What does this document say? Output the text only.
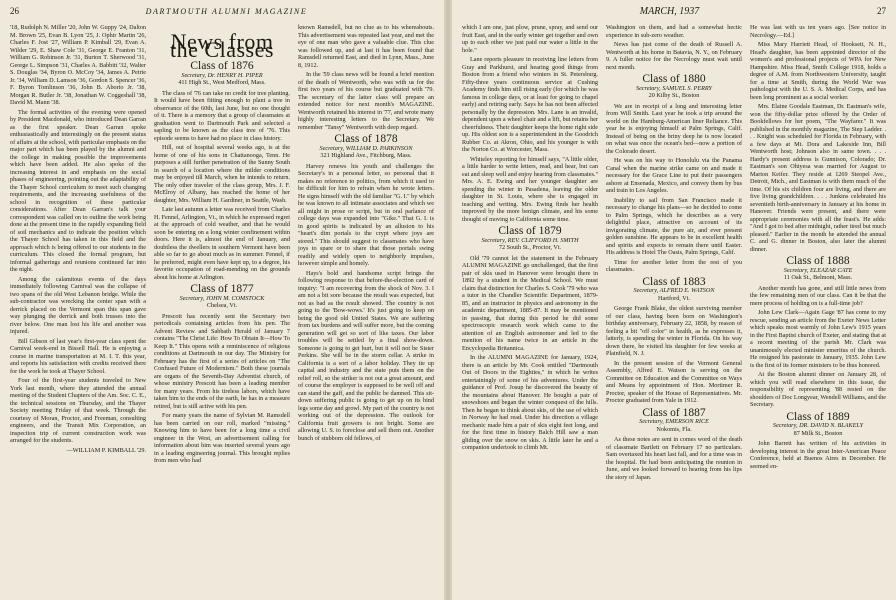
26	DARTMOUTH ALUMNI MAGAZINE

'18, Rudolph N. Miller '20, John W. Guppy '24, Dalton M. Brown '25, Evan B. Lyon '25, J. Ophir Martin '26, Charles F. Jost '27, William P. Kimball '29, Evan A. Wilder '29, E. Shaw Cole '31, George E. Franton '31, William G. Robinson Jr. '31, Burton T. Sherwood '31, George L. Simpson '31, Charles A. Babbitt '32, Walter S. Douglas '34, Byron O. McCoy '34, James A. Petrie Jr. '34, William D. Lamson '36, Gordon S. Spencer '36, F. Byron Tomlinson '36, John B. Aborio Jr. '38, Morgan R. Butler Jr. '38, Jonathan W. Coggeshall '38, David M. Mann '38.

The formal activities of the evening were opened by President Macdonald, who introduced Dean Garran as the first speaker. Dean Garran spoke enthusiastically and interestingly on the present status of affairs at the school, with particular emphasis on the major part which has been played by the alumni and the college in making possible the improvements which have been added. He also spoke of the increasing interest in and emphasis on the social phases of engineering, pointing out the adaptability of the Thayer School curriculum to meet such changing requirements, and the increasing usefulness of the school in recognition of these particular considerations. After Dean Garran's talk your correspondent was called on to outline the work being done at the present time in the rapidly expanding field of soil mechanics and to indicate the position which the Thayer School has taken in this field and the approach which is being offered to our students in the curriculum. This closed the formal program, but informal gatherings and reunions continued far into the night.

Among the calamitous events of the days immediately following Carnival was the collapse of two spans of the old West Lebanon bridge. While the sub-contractor was wrecking the center span with a derrick placed on the Vermont span this span gave way plunging the derrick and both trusses into the river below. One man lost his life and another was injured.

Bill Gibson of last year's first-year class spent the Carnival week-end in Bissell Hall. He is enjoying a course in marine transportation at M. I. T. this year, and reports his satisfaction with credits received there for the work he took at Thayer School.

Four of the first-year students traveled to New York last month, where they attended the annual meeting of the Student Chapters of the Am. Soc. C. E., the technical sessions on Thursday, and the Thayer Society meeting Friday of that week. Through the courtesy of Moran, Proctor, and Freeman, consulting engineers, and the Transit Mix Corporation, an inspection trip of current construction work was arranged for the students.

—WILLIAM P. KIMBALL '29.
News from the Classes
Class of 1876
Secretary, Dr. HENRY H. PIPER
411 High St., West Medford, Mass.

The class of '76 can take no credit for tree planting. It would have been fitting enough to plant a tree in observance of the 60th, last June, but no one thought of it. There is a memory that a group of classmates at graduation went to Dartmouth Park and selected a sapling to be known as the class tree of '76. This episode seems to have had no place in class history.

Hill, out of hospital several weeks ago, is at the home of one of his sons in Chattanooga, Tenn. He purposes a still further penetration of the Sunny South in search of a location where the milder conditions may be enjoyed till March, when he intends to return. The only other traveler of the class group, Mrs. J. F. McElroy of Albany, has reached the home of her daughter, Mrs. William H. Gardiner, in Seattle, Wash.

Late last autumn a letter was received from Charles H. Fennel, Arlington, Vt., in which he expressed regret at the approach of cold weather, and that he would soon be entering on a long winter confinement within doors. Here it is, almost the end of January, and doubtless the dwellers in southern Vermont have been able so far to go about much as in summer. Fennel, if he preferred, might even have kept up, to a degree, his favorite occupation of road-mending on the grounds about his home at Arlington.

Class of 1877
Secretary, JOHN M. COMSTOCK
Chelsea, Vt.

Prescott has recently sent the Secretary two periodicals containing articles from his pen. The Advent Review and Sabbath Herald of January 7 contains "The Christ Life: How To Obtain It—How To Keep It." This opens with a reminiscence of religious conditions at Dartmouth in our day. The Ministry for February has the first of a series of articles on "The Confused Future of Modernism." Both these journals are organs of the Seventh-Day Adventist church, of whose ministry Prescott has been a leading member for many years. From his tireless labors, which have taken him to the ends of the earth, he has in a measure retired, but is still active with his pen.

For many years the name of Sylvian M. Ramsdell has been carried on our roll, marked "missing." Knowing him to have been for a long time a civil engineer in the West, an advertisement calling for information about him was inserted several years ago in a leading engineering journal. This brought replies from men who had

known Ramsdell, but no clue as to his whereabouts. This advertisement was repeated last year, and met the eye of one man who gave a valuable clue. This clue was followed up, and at last it has been found that Ramsdell returned East, and died in Lynn, Mass., June 8, 1912.

In the '59 class news will be found a brief mention of the death of Wentworth, who was with us for the first two years of his course but graduated with '79. The secretary of the latter class will prepare an extended notice for next month's MAGAZINE. Wentworth retained his interest in '77, and wrote many highly interesting letters to the Secretary. We remember "Tansy" Wentworth with deep regard.

Class of 1878
Secretary, WILLIAM D. PARKINSON
321 Highland Ave., Fitchburg, Mass.

Harvey renews his youth and challenges the Secretary's in a personal letter, so personal that it makes no reference to politics, from which it used to be difficult for him to refrain when he wrote letters. He signs himself with the old familiar "G. I." by which he was known to all intimate associates and which we all might in prose or script, but in oral parlance of college days was expanded into "Gike." That G. I. is in good spirits is indicated by an allusion to his "heart's dim portals to the crypt where joys are stored." This should suggest to classmates who have joys to spare or to share that those portals swing readily and widely open to neighborly impulses, however simple and homely.

Hays's bold and handsome script brings the following response to that before-the-election card of inquiry: "I am recovering from the shock of Nov. 3. I am not a bit sore because the result was expected, but not as bad as the result showed. The country is not going to the 'Bow-wows.' It's just going to keep on being the good old United States. We are suffering from tax burdens and will suffer more, but the coming generation will get so sort of like taxes. Our labor troubles will be settled by a final show-down. Someone is going to get hurt, but it will not be Sister Perkins. She will be in the storm cellar. A strike in California is a sort of a labor holiday. They tie up capital and industry and the state puts them on the relief roll, so the striker is not out a great amount, and of course the employer is supposed to be well off and can stand the gaff, and the public be damned. This sit-down suffering public is going to get up on its hind legs some day and growl. My part of the country is not working out of the depression. The outlook for California fruit growers is not bright. Some are allowing U. S. to foreclose and sell them out. Another bunch of stubborn old fellows, of

MARCH, 1937	27

which I am one, just plow, prune, spray, and send our fruit East, and in the early winter get together and own up to each other we just paid our water a little in the hole."

Lane reports pleasure in receiving line letters from Gray and Parkhurst, and hearing good things from Boston from a friend who winters in St. Petersburg. Fifty-three years continuous service at Cushing Academy finds him still rising early (for which he was famous in college days, or at least for going to chapel early) and retiring early. Says he has not been affected personally by the depression. Mrs. Lane is an invalid, dependent upon a wheel chair and a lift, but retains her cheerfulness. Their daughter keeps the home right side up. His oldest son is a superintendent in the Goodrich Rubber Co. at Akron, Ohio, and his younger is with the Norton Co. at Worcester, Mass.

Whiteley reporting for himself says, "A little older, a little harder to write letters, read, and hear, but can eat and sleep well and enjoy hearing from classmates." Mrs. A. E. Ewing and her younger daughter are spending the winter in Pasadena, leaving the older daughter in St. Louis, where she is engaged in teaching and writing. Mrs. Ewing finds her health improved by the more benign climate, and his some thought of moving to California some time.

Class of 1879
Secretary, REV. CLIFFORD H. SMITH
72 South St., Proctor, Vt.

Old '79 cannot let the statement in the February ALUMNI MAGAZINE go unchallenged, that the first pair of skis used in Hanover were brought there in 1892 by a student in the Medical School. We must claim that distinction for Charles S. Cook '79 who was a tutor in the Chandler Scientific Department, 1879-85, and an instructor in physics and astronomy in the academic department, 1885-87. It may be mentioned in passing, that during this period he did some spectroscopic research work which came to the attention of an English astronomer and led to the mention of his name twice in an article in the Encyclopedia Britannica.

In the ALUMNI MAGAZINE for January, 1924, there is an article by Mr. Cook entitled "Dartmouth Out of Doors in the Eighties," in which he writes entertainingly of some of his adventures. Under the guidance of Prof. Josup he discovered the beauty of the mountains about Hanover. He bought a pair of snowshoes and began the winter conquest of the hills. Then he began to think about skis, of the use of which in Norway he had read. Under his direction a village mechanic made him a pair of skis eight feet long, and for the first time in history Balch Hill saw a man gliding over the snow on skis. A little later he and a companion undertook to climb Mt.

Washington on them, and had a somewhat hectic experience in sub-zero weather.

News has just come of the death of Russell A. Wentworth at his home in Batavia, N. Y., on February 9. A fuller notice for the Necrology must wait until next month.

Class of 1880
Secretary, SAMUEL S. PERRY
20 Kilby St., Boston

We are in receipt of a long and interesting letter from Will Smith. Last year he took a trip around the world on the Hamburg-American liner Reliance. This year he is enjoying himself at Palm Springs, Calif. Instead of being on the briny deep he is now located on what was once the ocean's bed—now a portion of the Colorado desert.

He was on his way to Honolulu via the Panama Canal when the marine strike came on and made it necessary for the Grace Line to put their passengers ashore at Ensenada, Mexico, and convey them by bus and train to Los Angeles.

Inability to sail from San Francisco made it necessary to change his plans—so he decided to come to Palm Springs, which he describes as a very delightful place, attractive on account of its invigorating climate, the pure air, and ever present golden sunshine. He appears to be in excellent health and spirits and expects to remain there until Easter. His address is Hotel The Oasis, Palm Springs, Calif.

Time for another letter from the rest of you classmates.

Class of 1883
Secretary, ALFRED E. WATSON
Hartford, Vt.

George Frank Blake, the oldest surviving member of our class, having been born on Washington's birthday anniversary, February 22, 1858, by reason of feeling a bit "off color" in health, as he expresses it, latterly, is spending the winter in Florida. On his way down there, he visited his daughter for few weeks at Plainfield, N. J.

In the present session of the Vermont General Assembly, Alfred E. Watson is serving on the Committee on Education and the Committee on Ways and Means by appointment of Hon. Mortimer R. Proctor, speaker of the House of Representatives. Mr. Proctor graduated from Yale in 1912.

Class of 1887
Secretary, EMERSON RICE
Nokomis, Fla.

As these notes are sent in comes word of the death of classmate Bartlett on February 17 no particulars. Sam overtaxed his heart last fall, and for a time was in the hospital. He had been anticipating the reunion in June, and we looked forward to hearing from his lips the story of Japan.

He was last with us ten years ago. [See notice in Necrology.—Ed.]

Miss Mary Harriett Head, of Hooksett, N. H., Head's daughter, has been appointed director of the women's and professional projects of WPA for New Hampshire. Miss Head, Smith College 1918, holds a degree of A.M. from Northwestern University, taught for a time at Smith, during the World War was pathologist with the U. S. A. Medical Corps, and has been long prominent as a social worker.

Mrs. Elaine Goodale Eastman, Dr. Eastman's wife, won the fifty-dollar prize offered by the Order of Bookfellows for her poem, "The Wayfarer." It was published in the monthly magazine, The Step Ladder. . . . Knight was scheduled for Florida in February, with a few days at Mt. Dora and Lakeside Inn, Bill Wentworth host; Johnson also in same town. . . . Hardy's present address is Gunnison, Colorado; Dr. Eastman's son Ohiyesa was married for August to Marion Keifer. They reside at 1269 Steopel Ave., Detroit, Mich., and Eastman is with them much of the time. Of his six children four are living, and there are five living grandchildren. . . . Junkins celebrated his seventieth birth-anniversary in January at his home in Hanover. Friends were present, and there were appropriate ceremonies with all the feast's. He adds: "And I got to bed after midnight, rather tired but much pleased." Earlier in the month he attended the annual C. and G. dinner in Boston, also later the alumni dinner.

Class of 1888
Secretary, ELEAZAR CATE
11 Oak St., Belmont, Mass.

Another month has gone, and still little news from the few remaining men of our class. Can it be that the mere process of holding on is a full-time job?

John Lew Clark—Again Gage '87 has come to my rescue, sending an article from the Exeter News Letter which speaks most warmly of John Lew's 1915 years in the First Baptist church of Exeter, and stating that at a recent meeting of the parish Mr. Clark was unanimously elected minister emeritus of the church. He resigned his pastorate in January, 1935. John Lew is the first of its former ministers to be thus honored.

At the Boston alumni dinner on January 28, of which you will read elsewhere in this issue, the responsibility of representing '88 rested on the shoulders of Doc Longyear, Wendell Williams, and the Secretary.

Class of 1889
Secretary, DR. DAVID N. BLAKELY
87 Milk St., Boston

John Barrett has written of his activities in developing interest in the great Inter-American Peace Conference, held at Buenos Aires in December. He seemed en-
